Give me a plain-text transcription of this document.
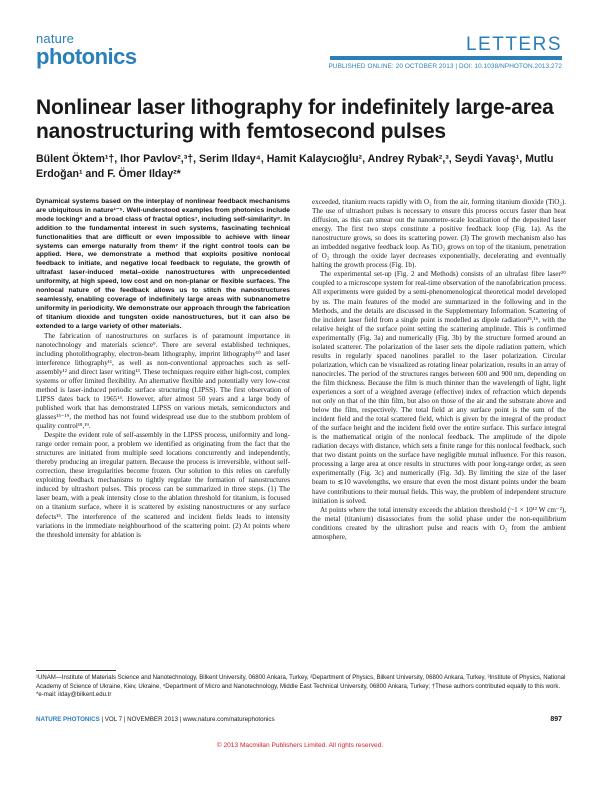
nature
photonics	LETTERS
PUBLISHED ONLINE: 20 OCTOBER 2013 | DOI: 10.1038/NPHOTON.2013.272
Nonlinear laser lithography for indefinitely large-area nanostructuring with femtosecond pulses
Bülent Öktem¹†, Ihor Pavlov²,³†, Serim Ilday⁴, Hamit Kalaycıoğlu², Andrey Rybak²,³, Seydi Yavaş¹, Mutlu Erdoğan¹ and F. Ömer Ilday²*

Dynamical systems based on the interplay of nonlinear feedback mechanisms are ubiquitous in nature¹⁻⁵. Well-understood examples from photonics include mode locking⁶ and a broad class of fractal optics⁷, including self-similarity⁸. In addition to the fundamental interest in such systems, fascinating technical functionalities that are difficult or even impossible to achieve with linear systems can emerge naturally from them⁷ if the right control tools can be applied. Here, we demonstrate a method that exploits positive nonlocal feedback to initiate, and negative local feedback to regulate, the growth of ultrafast laser-induced metal–oxide nanostructures with unprecedented uniformity, at high speed, low cost and on non-planar or flexible surfaces. The nonlocal nature of the feedback allows us to stitch the nanostructures seamlessly, enabling coverage of indefinitely large areas with subnanometre uniformity in periodicity. We demonstrate our approach through the fabrication of titanium dioxide and tungsten oxide nanostructures, but it can also be extended to a large variety of other materials.

The fabrication of nanostructures on surfaces is of paramount importance in nanotechnology and materials science⁹. There are several established techniques, including photolithography, electron-beam lithography, imprint lithography¹⁰ and laser interference lithography¹¹, as well as non-conventional approaches such as self-assembly¹² and direct laser writing¹³. These techniques require either high-cost, complex systems or offer limited flexibility. An alternative flexible and potentially very low-cost method is laser-induced periodic surface structuring (LIPSS). The first observation of LIPSS dates back to 1965¹⁴. However, after almost 50 years and a large body of published work that has demonstrated LIPSS on various metals, semiconductors and glasses¹⁵⁻¹⁹, the method has not found widespread use due to the stubborn problem of quality control¹⁸,¹⁹.

Despite the evident role of self-assembly in the LIPSS process, uniformity and long-range order remain poor, a problem we identified as originating from the fact that the structures are initiated from multiple seed locations concurrently and independently, thereby producing an irregular pattern. Because the process is irreversible, without self-correction, these irregularities become frozen. Our solution to this relies on carefully exploiting feedback mechanisms to tightly regulate the formation of nanostructures induced by ultrashort pulses. This process can be summarized in three steps. (1) The laser beam, with a peak intensity close to the ablation threshold for titanium, is focused on a titanium surface, where it is scattered by existing nanostructures or any surface defects¹⁵. The interference of the scattered and incident fields leads to intensity variations in the immediate neighbourhood of the scattering point. (2) At points where the threshold intensity for ablation is

exceeded, titanium reacts rapidly with O₂ from the air, forming titanium dioxide (TiO₂). The use of ultrashort pulses is necessary to ensure this process occurs faster than heat diffusion, as this can smear out the nanometre-scale localization of the deposited laser energy. The first two steps constitute a positive feedback loop (Fig. 1a). As the nanostructure grows, so does its scattering power. (3) The growth mechanism also has an imbedded negative feedback loop. As TiO₂ grows on top of the titanium, penetration of O₂ through the oxide layer decreases exponentially, decelerating and eventually halting the growth process (Fig. 1b).

The experimental set-up (Fig. 2 and Methods) consists of an ultrafast fibre laser²⁰ coupled to a microscope system for real-time observation of the nanofabrication process. All experiments were guided by a semi-phenomenological theoretical model developed by us. The main features of the model are summarized in the following and in the Methods, and the details are discussed in the Supplementary Information. Scattering of the incident laser field from a single point is modelled as dipole radiation¹⁵,¹⁶, with the relative height of the surface point setting the scattering amplitude. This is confirmed experimentally (Fig. 3a) and numerically (Fig. 3b) by the structure formed around an isolated scatterer. The polarization of the laser sets the dipole radiation pattern, which results in regularly spaced nanolines parallel to the laser polarization. Circular polarization, which can be visualized as rotating linear polarization, results in an array of nanocircles. The period of the structures ranges between 600 and 900 nm, depending on the film thickness. Because the film is much thinner than the wavelength of light, light experiences a sort of a weighted average (effective) index of refraction which depends not only on that of the thin film, but also on those of the air and the substrate above and below the film, respectively. The total field at any surface point is the sum of the incident field and the total scattered field, which is given by the integral of the product of the surface height and the incident field over the entire surface. This surface integral is the mathematical origin of the nonlocal feedback. The amplitude of the dipole radiation decays with distance, which sets a finite range for this nonlocal feedback, such that two distant points on the surface have negligible mutual influence. For this reason, processing a large area at once results in structures with poor long-range order, as seen experimentally (Fig. 3c) and numerically (Fig. 3d). By limiting the size of the laser beam to ≲10 wavelengths, we ensure that even the most distant points under the beam have contributions to their mutual fields. This way, the problem of independent structure initiation is solved.

At points where the total intensity exceeds the ablation threshold (~1 × 10¹² W cm⁻²), the metal (titanium) disassociates from the solid phase under the non-equilibrium conditions created by the ultrashort pulse and reacts with O₂ from the ambient atmosphere,

¹UNAM—Institute of Materials Science and Nanotechnology, Bilkent University, 06800 Ankara, Turkey, ²Department of Physics, Bilkent University, 06800 Ankara, Turkey, ³Institute of Physics, National Academy of Science of Ukraine, Kiev, Ukraine, ⁴Department of Micro and Nanotechnology, Middle East Technical University, 06800 Ankara, Turkey; †These authors contributed equally to this work. *e-mail: ilday@bilkent.edu.tr
NATURE PHOTONICS | VOL 7 | NOVEMBER 2013 | www.nature.com/naturephotonics	897
© 2013 Macmillan Publishers Limited. All rights reserved.
